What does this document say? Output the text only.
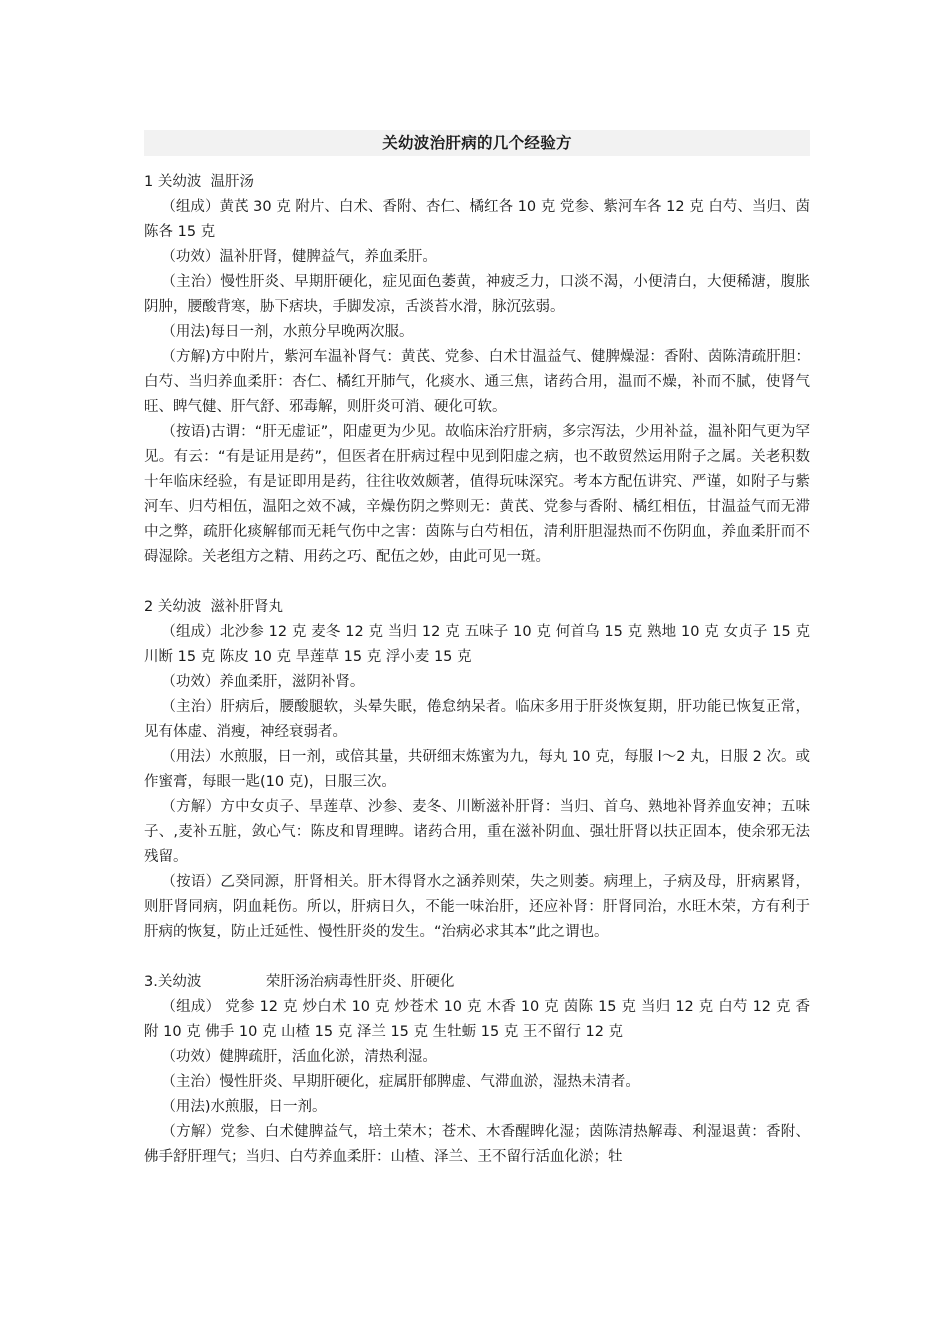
关幼波治肝病的几个经验方
1 关幼波  温肝汤

（组成）黄芪 30 克 附片、白术、香附、杏仁、橘红各 10 克 党参、紫河车各 12 克 白芍、当归、茵陈各 15 克

（功效）温补肝肾，健脾益气，养血柔肝。

（主治）慢性肝炎、早期肝硬化，症见面色萎黄，神疲乏力，口淡不渴，小便清白，大便稀溏，腹胀阴肿，腰酸背寒，胁下痞块，手脚发凉，舌淡苔水滑，脉沉弦弱。

（用法)每日一剂，水煎分早晚两次服。

（方解)方中附片，紫河车温补肾气：黄芪、党参、白术甘温益气、健脾燥湿：香附、茵陈清疏肝胆：白芍、当归养血柔肝：杏仁、橘红开肺气，化痰水、通三焦，诸药合用，温而不燥，补而不腻，使肾气旺、睥气健、肝气舒、邪毒解，则肝炎可消、硬化可软。

（按语)古谓：“肝无虚证”，阳虚更为少见。故临床治疗肝病，多宗泻法，少用补益，温补阳气更为罕见。有云：“有是证用是药”，但医者在肝病过程中见到阳虚之病，也不敢贸然运用附子之属。关老积数十年临床经验，有是证即用是药，往往收效颇著，值得玩味深究。考本方配伍讲究、严谨，如附子与紫河车、归芍相伍，温阳之效不减，辛燥伤阴之弊则无：黄芪、党参与香附、橘红相伍，甘温益气而无滞中之弊，疏肝化痰解郁而无耗气伤中之害：茵陈与白芍相伍，清利肝胆湿热而不伤阴血，养血柔肝而不碍湿除。关老组方之精、用药之巧、配伍之妙，由此可见一斑。

2 关幼波  滋补肝肾丸

（组成）北沙参 12 克 麦冬 12 克 当归 12 克 五味子 10 克 何首乌 15 克 熟地 10 克 女贞子 15 克 川断 15 克 陈皮 10 克 旱莲草 15 克 浮小麦 15 克

（功效）养血柔肝，滋阴补肾。

（主治）肝病后，腰酸腿软，头晕失眠，倦怠纳呆者。临床多用于肝炎恢复期，肝功能已恢复正常，见有体虚、消瘦，神经衰弱者。

（用法）水煎服，日一剂，或倍其量，共研细末炼蜜为九，每丸 10 克，每服 l～2 丸，日服 2 次。或作蜜膏，每眼一匙(10 克)，日服三次。

（方解）方中女贞子、旱莲草、沙参、麦冬、川断滋补肝肾：当归、首乌、熟地补肾养血安神；五味子、,麦补五脏，敛心气：陈皮和胃理睥。诸药合用，重在滋补阴血、强壮肝肾以扶正固本，使余邪无法残留。

（按语）乙癸同源，肝肾相关。肝木得肾水之涵养则荣，失之则萎。病理上，子病及母，肝病累肾，则肝肾同病，阴血耗伤。所以，肝病日久，不能一味治肝，还应补肾：肝肾同治，水旺木荣，方有利于肝病的恢复，防止迁延性、慢性肝炎的发生。“治病必求其本”此之谓也。

3.关幼波              荣肝汤治病毒性肝炎、肝硬化

（组成） 党参 12 克 炒白术 10 克 炒苍术 10 克 木香 10 克 茵陈 15 克 当归 12 克 白芍 12 克 香附 10 克 佛手 10 克 山楂 15 克 泽兰 15 克 生牡蛎 15 克 王不留行 12 克

（功效）健脾疏肝，活血化淤，清热利湿。

（主治）慢性肝炎、早期肝硬化，症属肝郁脾虚、气滞血淤，湿热未清者。

（用法)水煎服，日一剂。

（方解）党参、白术健脾益气，培土荣木；苍术、木香醒睥化湿；茵陈清热解毒、利湿退黄：香附、佛手舒肝理气；当归、白芍养血柔肝：山楂、泽兰、王不留行活血化淤；牡
